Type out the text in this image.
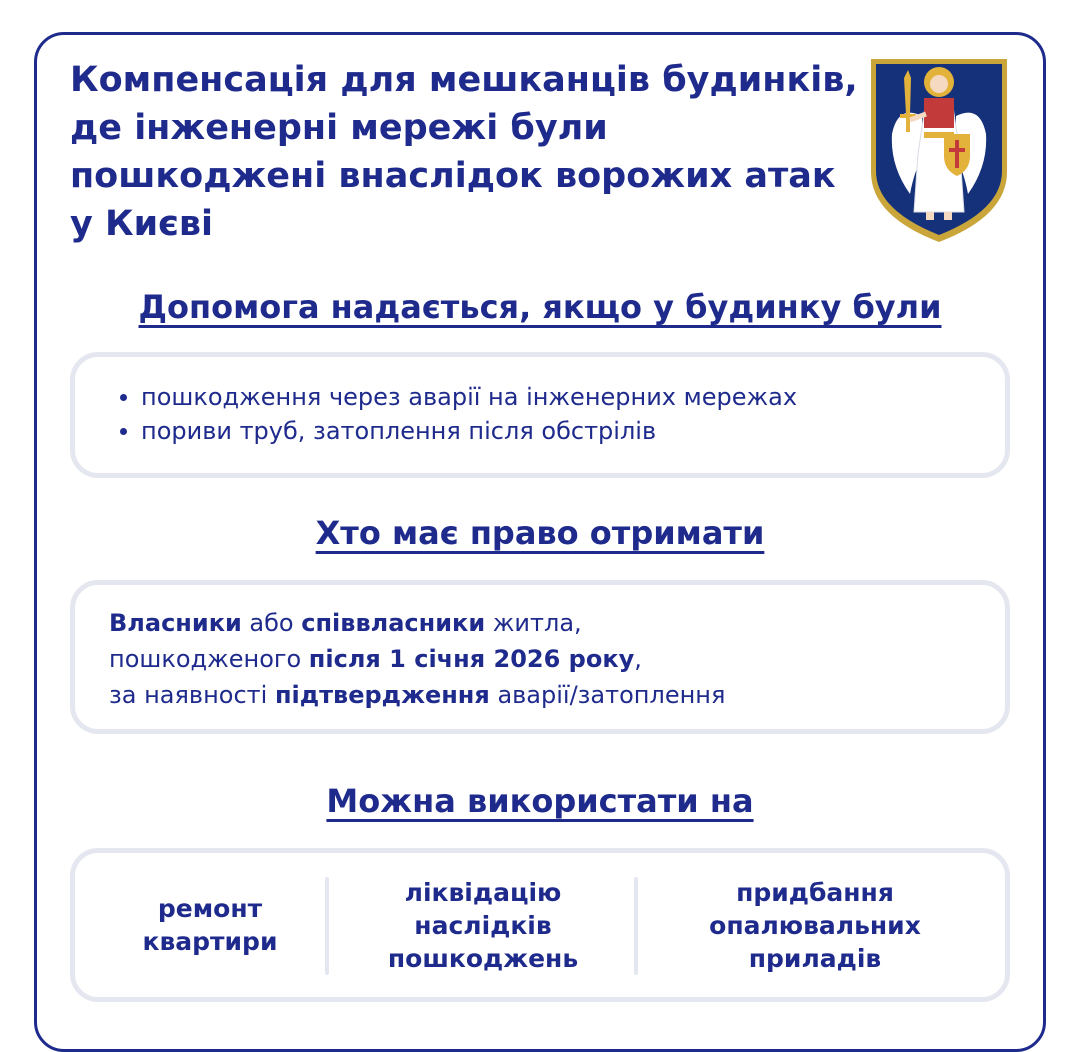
Компенсація для мешканців будинків, де інженерні мережі були пошкоджені внаслідок ворожих атак у Києві
Допомога надається, якщо у будинку були
пошкодження через аварії на інженерних мережах
пориви труб, затоплення після обстрілів
Хто має право отримати

Власники або співвласники житла,

пошкодженого після 1 січня 2026 року,

за наявності підтвердження аварії/затоплення

Можна використати на
ремонт
квартири
ліквідацію
наслідків
пошкоджень
придбання
опалювальних
приладів
